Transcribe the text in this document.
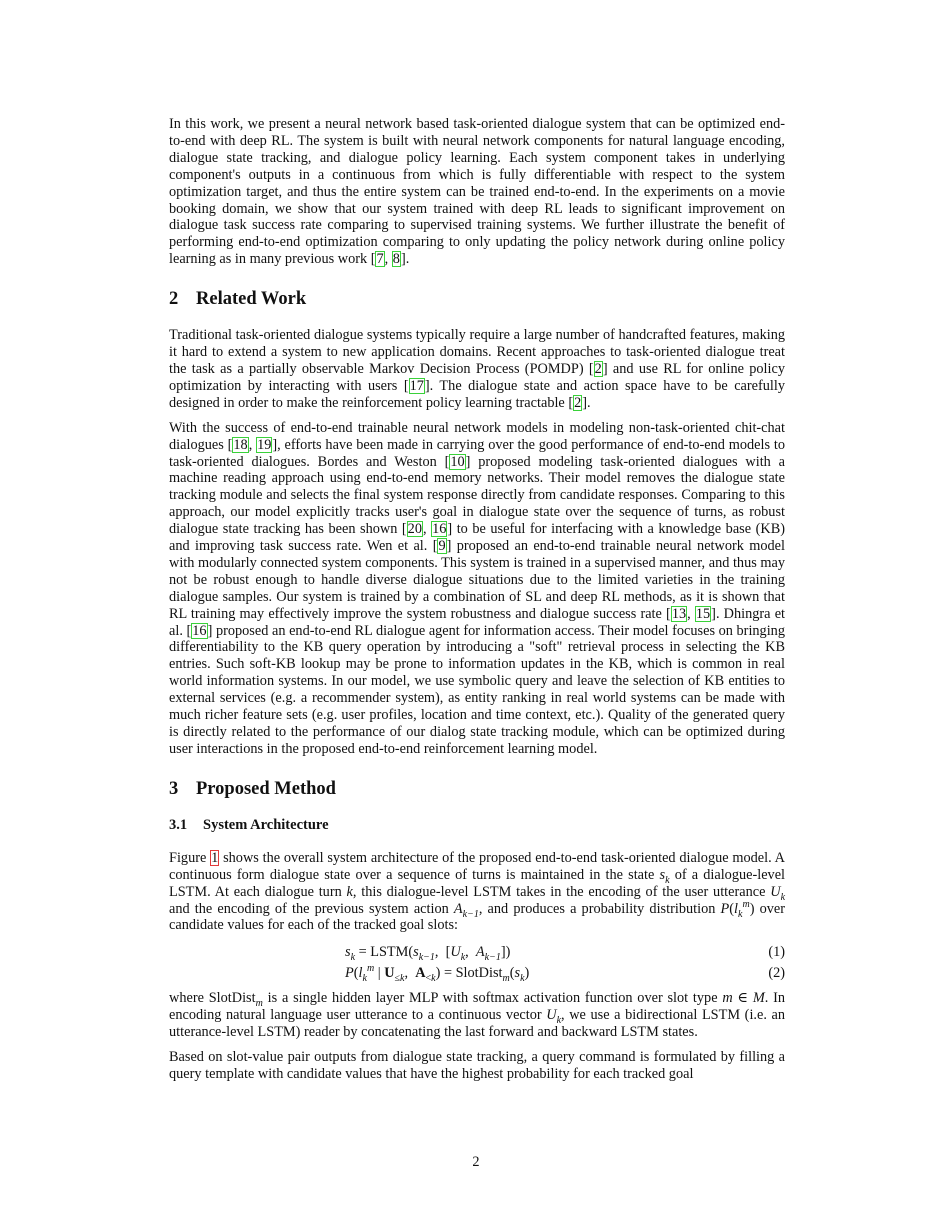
In this work, we present a neural network based task-oriented dialogue system that can be optimized end-to-end with deep RL. The system is built with neural network components for natural language encoding, dialogue state tracking, and dialogue policy learning. Each system component takes in underlying component's outputs in a continuous from which is fully differentiable with respect to the system optimization target, and thus the entire system can be trained end-to-end. In the experiments on a movie booking domain, we show that our system trained with deep RL leads to significant improvement on dialogue task success rate comparing to supervised training systems. We further illustrate the benefit of performing end-to-end optimization comparing to only updating the policy network during online policy learning as in many previous work [7, 8].

2 Related Work

Traditional task-oriented dialogue systems typically require a large number of handcrafted features, making it hard to extend a system to new application domains. Recent approaches to task-oriented dialogue treat the task as a partially observable Markov Decision Process (POMDP) [2] and use RL for online policy optimization by interacting with users [17]. The dialogue state and action space have to be carefully designed in order to make the reinforcement policy learning tractable [2].

With the success of end-to-end trainable neural network models in modeling non-task-oriented chit-chat dialogues [18, 19], efforts have been made in carrying over the good performance of end-to-end models to task-oriented dialogues. Bordes and Weston [10] proposed modeling task-oriented dialogues with a machine reading approach using end-to-end memory networks. Their model removes the dialogue state tracking module and selects the final system response directly from candidate responses. Comparing to this approach, our model explicitly tracks user's goal in dialogue state over the sequence of turns, as robust dialogue state tracking has been shown [20, 16] to be useful for interfacing with a knowledge base (KB) and improving task success rate. Wen et al. [9] proposed an end-to-end trainable neural network model with modularly connected system components. This system is trained in a supervised manner, and thus may not be robust enough to handle diverse dialogue situations due to the limited varieties in the training dialogue samples. Our system is trained by a combination of SL and deep RL methods, as it is shown that RL training may effectively improve the system robustness and dialogue success rate [13, 15]. Dhingra et al. [16] proposed an end-to-end RL dialogue agent for information access. Their model focuses on bringing differentiability to the KB query operation by introducing a "soft" retrieval process in selecting the KB entries. Such soft-KB lookup may be prone to information updates in the KB, which is common in real world information systems. In our model, we use symbolic query and leave the selection of KB entities to external services (e.g. a recommender system), as entity ranking in real world systems can be made with much richer feature sets (e.g. user profiles, location and time context, etc.). Quality of the generated query is directly related to the performance of our dialog state tracking module, which can be optimized during user interactions in the proposed end-to-end reinforcement learning model.

3 Proposed Method
3.1 System Architecture

Figure 1 shows the overall system architecture of the proposed end-to-end task-oriented dialogue model. A continuous form dialogue state over a sequence of turns is maintained in the state $s_k$ of a dialogue-level LSTM. At each dialogue turn k, this dialogue-level LSTM takes in the encoding of the user utterance $U_k$ and the encoding of the previous system action $A_{k-1}$, and produces a probability distribution $P(l_k^m)$ over candidate values for each of the tracked goal slots:

$s_k$ = $LSTM(s_{k-1}$,  [$U_k$,  $A_{k-1}$])	(1)
$P(l_k^m$ | $U_{\le k}$,  $A_{<k}$) = $SlotDist_m(s_k)$	(2)

where SlotDist$_m$ is a single hidden layer MLP with softmax activation function over slot type m ∈ M. In encoding natural language user utterance to a continuous vector $U_k$, we use a bidirectional LSTM (i.e. an utterance-level LSTM) reader by concatenating the last forward and backward LSTM states.

Based on slot-value pair outputs from dialogue state tracking, a query command is formulated by filling a query template with candidate values that have the highest probability for each tracked goal

2
